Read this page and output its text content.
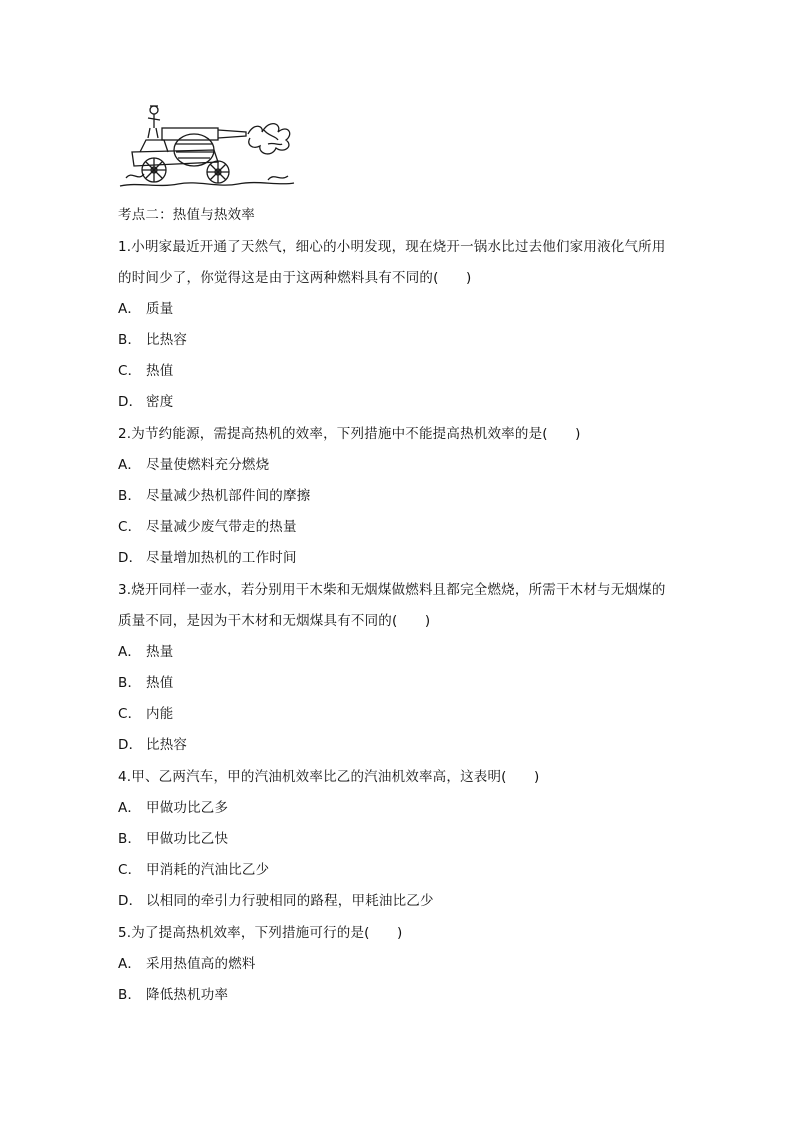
考点二：热值与热效率
1.小明家最近开通了天然气，细心的小明发现，现在烧开一锅水比过去他们家用液化气所用
的时间少了，你觉得这是由于这两种燃料具有不同的(　　)
A． 质量
B． 比热容
C． 热值
D． 密度
2.为节约能源，需提高热机的效率，下列措施中不能提高热机效率的是(　　)
A． 尽量使燃料充分燃烧
B． 尽量减少热机部件间的摩擦
C． 尽量减少废气带走的热量
D． 尽量增加热机的工作时间
3.烧开同样一壶水，若分别用干木柴和无烟煤做燃料且都完全燃烧，所需干木材与无烟煤的
质量不同，是因为干木材和无烟煤具有不同的(　　)
A． 热量
B． 热值
C． 内能
D． 比热容
4.甲、乙两汽车，甲的汽油机效率比乙的汽油机效率高，这表明(　　)
A． 甲做功比乙多
B． 甲做功比乙快
C． 甲消耗的汽油比乙少
D． 以相同的牵引力行驶相同的路程，甲耗油比乙少
5.为了提高热机效率，下列措施可行的是(　　)
A． 采用热值高的燃料
B． 降低热机功率
